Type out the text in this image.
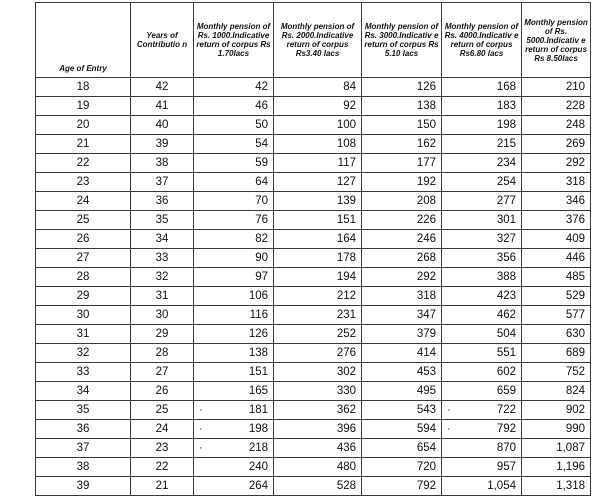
Age of Entry	Years of Contributio n	Monthly pension of Rs. 1000.Indicative return of corpus Rs 1.70lacs	Monthly pension of Rs. 2000.Indicative return of corpus Rs3.40 lacs	Monthly pension of Rs. 3000.Indicativ e return of corpus Rs 5.10 lacs	Monthly pension of Rs. 4000.Indicativ e return of corpus Rs6.80 lacs	Monthly pension of Rs. 5000.Indicativ e return of corpus Rs 8.50lacs
18	42	42	84	126	168	210
19	41	46	92	138	183	228
20	40	50	100	150	198	248
21	39	54	108	162	215	269
22	38	59	117	177	234	292
23	37	64	127	192	254	318
24	36	70	139	208	277	346
25	35	76	151	226	301	376
26	34	82	164	246	327	409
27	33	90	178	268	356	446
28	32	97	194	292	388	485
29	31	106	212	318	423	529
30	30	116	231	347	462	577
31	29	126	252	379	504	630
32	28	138	276	414	551	689
33	27	151	302	453	602	752
34	26	165	330	495	659	824
35	25	· 181	362	543	· 722	902
36	24	· 198	396	594	· 792	990
37	23	· 218	436	654	870	1,087
38	22	240	480	720	957	1,196
39	21	264	528	792	1,054	1,318
